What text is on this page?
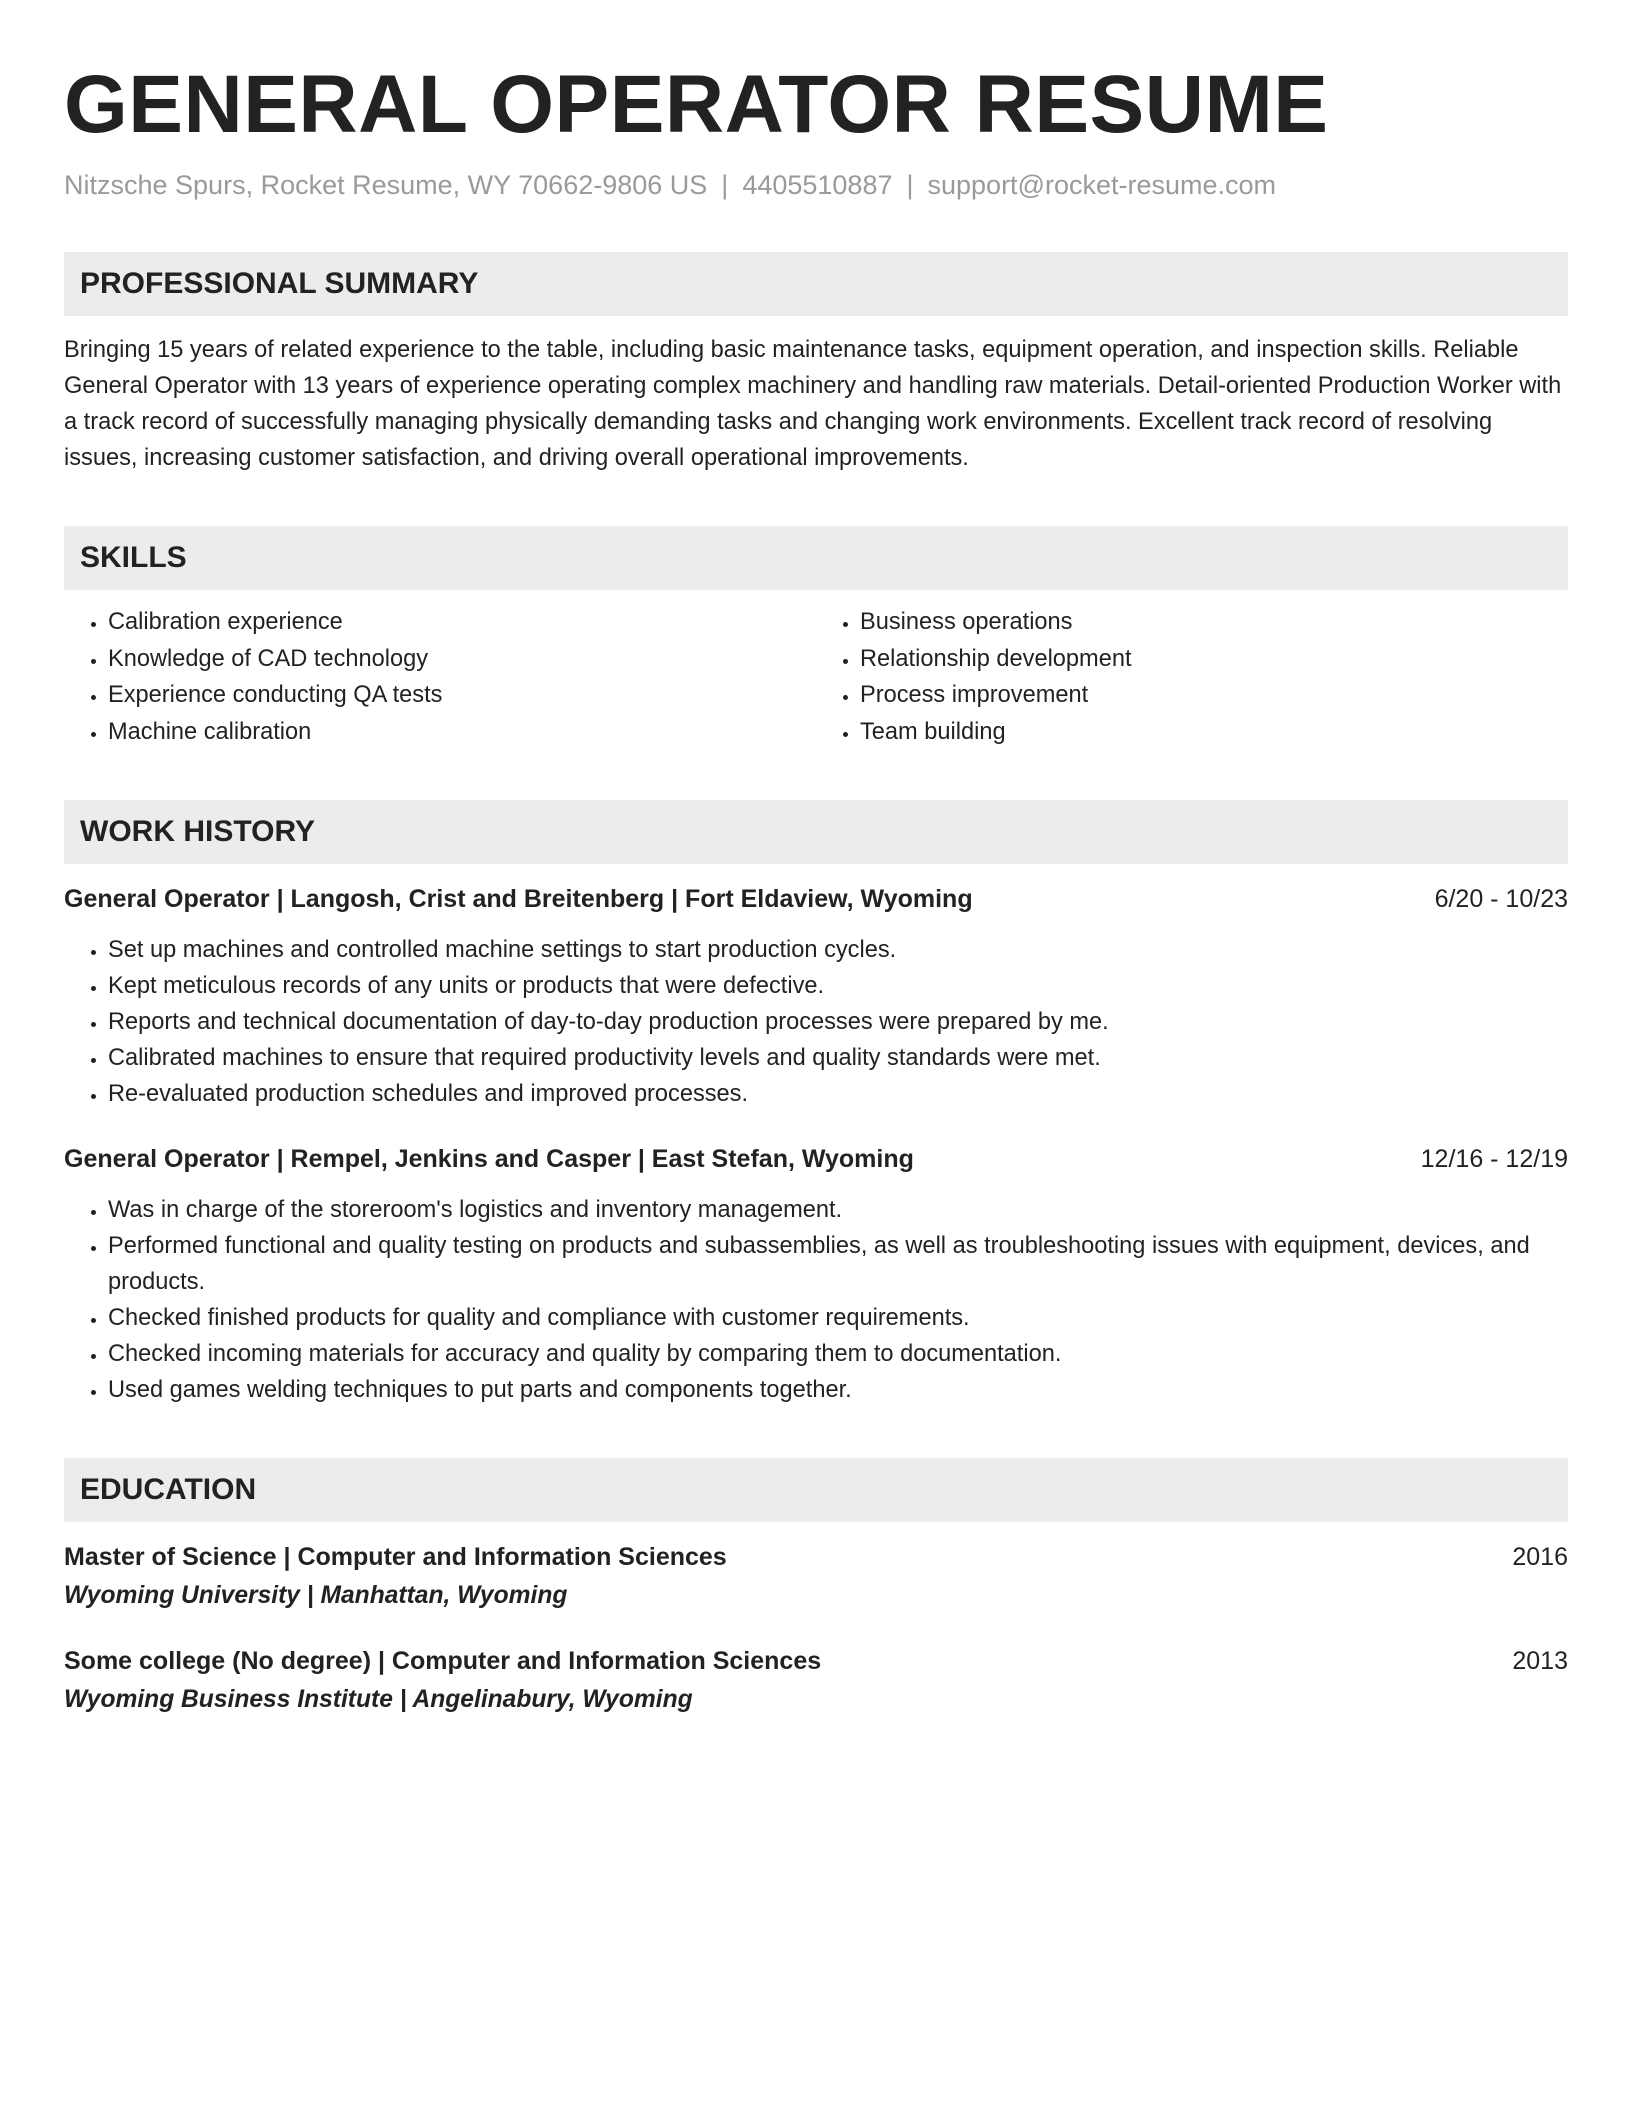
GENERAL OPERATOR RESUME
Nitzsche Spurs, Rocket Resume, WY 70662-9806 US | 4405510887 | support@rocket-resume.com
PROFESSIONAL SUMMARY
Bringing 15 years of related experience to the table, including basic maintenance tasks, equipment operation, and inspection skills. Reliable General Operator with 13 years of experience operating complex machinery and handling raw materials. Detail-oriented Production Worker with a track record of successfully managing physically demanding tasks and changing work environments. Excellent track record of resolving issues, increasing customer satisfaction, and driving overall operational improvements.
SKILLS
• Calibration experience
• Knowledge of CAD technology
• Experience conducting QA tests
• Machine calibration
• Business operations
• Relationship development
• Process improvement
• Team building
WORK HISTORY
General Operator | Langosh, Crist and Breitenberg | Fort Eldaview, Wyoming	6/20 - 10/23
• Set up machines and controlled machine settings to start production cycles.
• Kept meticulous records of any units or products that were defective.
• Reports and technical documentation of day-to-day production processes were prepared by me.
• Calibrated machines to ensure that required productivity levels and quality standards were met.
• Re-evaluated production schedules and improved processes.
General Operator | Rempel, Jenkins and Casper | East Stefan, Wyoming	12/16 - 12/19
• Was in charge of the storeroom's logistics and inventory management.
• Performed functional and quality testing on products and subassemblies, as well as troubleshooting issues with equipment, devices, and products.
• Checked finished products for quality and compliance with customer requirements.
• Checked incoming materials for accuracy and quality by comparing them to documentation.
• Used games welding techniques to put parts and components together.
EDUCATION
Master of Science | Computer and Information Sciences	2016
Wyoming University | Manhattan, Wyoming
Some college (No degree) | Computer and Information Sciences	2013
Wyoming Business Institute | Angelinabury, Wyoming
